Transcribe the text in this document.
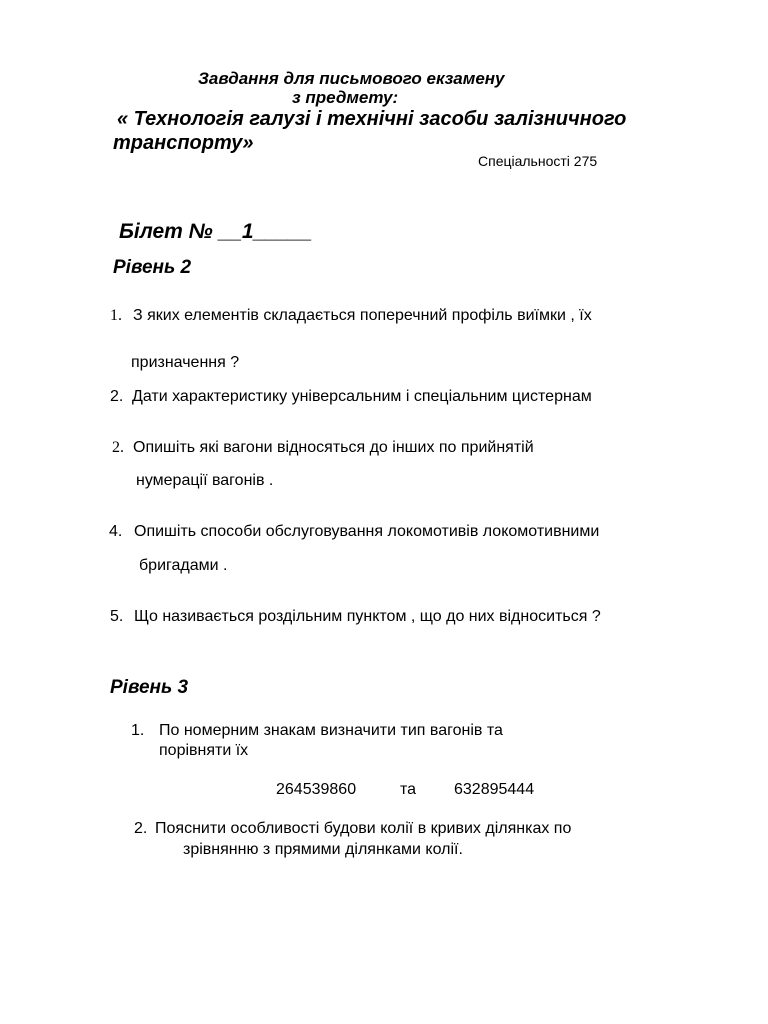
Завдання для письмового екзамену
з предмету:
« Технологія галузі і технічні засоби залізничного
транспорту»
Спеціальності 275
Білет № __1_____
Рівень 2
1. З яких елементів складається поперечний профіль виїмки , їх
призначення ?
2. Дати характеристику універсальним і спеціальним цистернам
2. Опишіть які вагони відносяться до інших по прийнятій
нумерації вагонів .
4. Опишіть способи обслуговування локомотивів локомотивними
бригадами .
5. Що називається роздільним пунктом , що до них відноситься ?
Рівень 3
1. По номерним знакам визначити тип вагонів та
порівняти їх
264539860	та 632895444
2. Пояснити особливості будови колії в кривих ділянках по
зрівнянню з прямими ділянками колії.
